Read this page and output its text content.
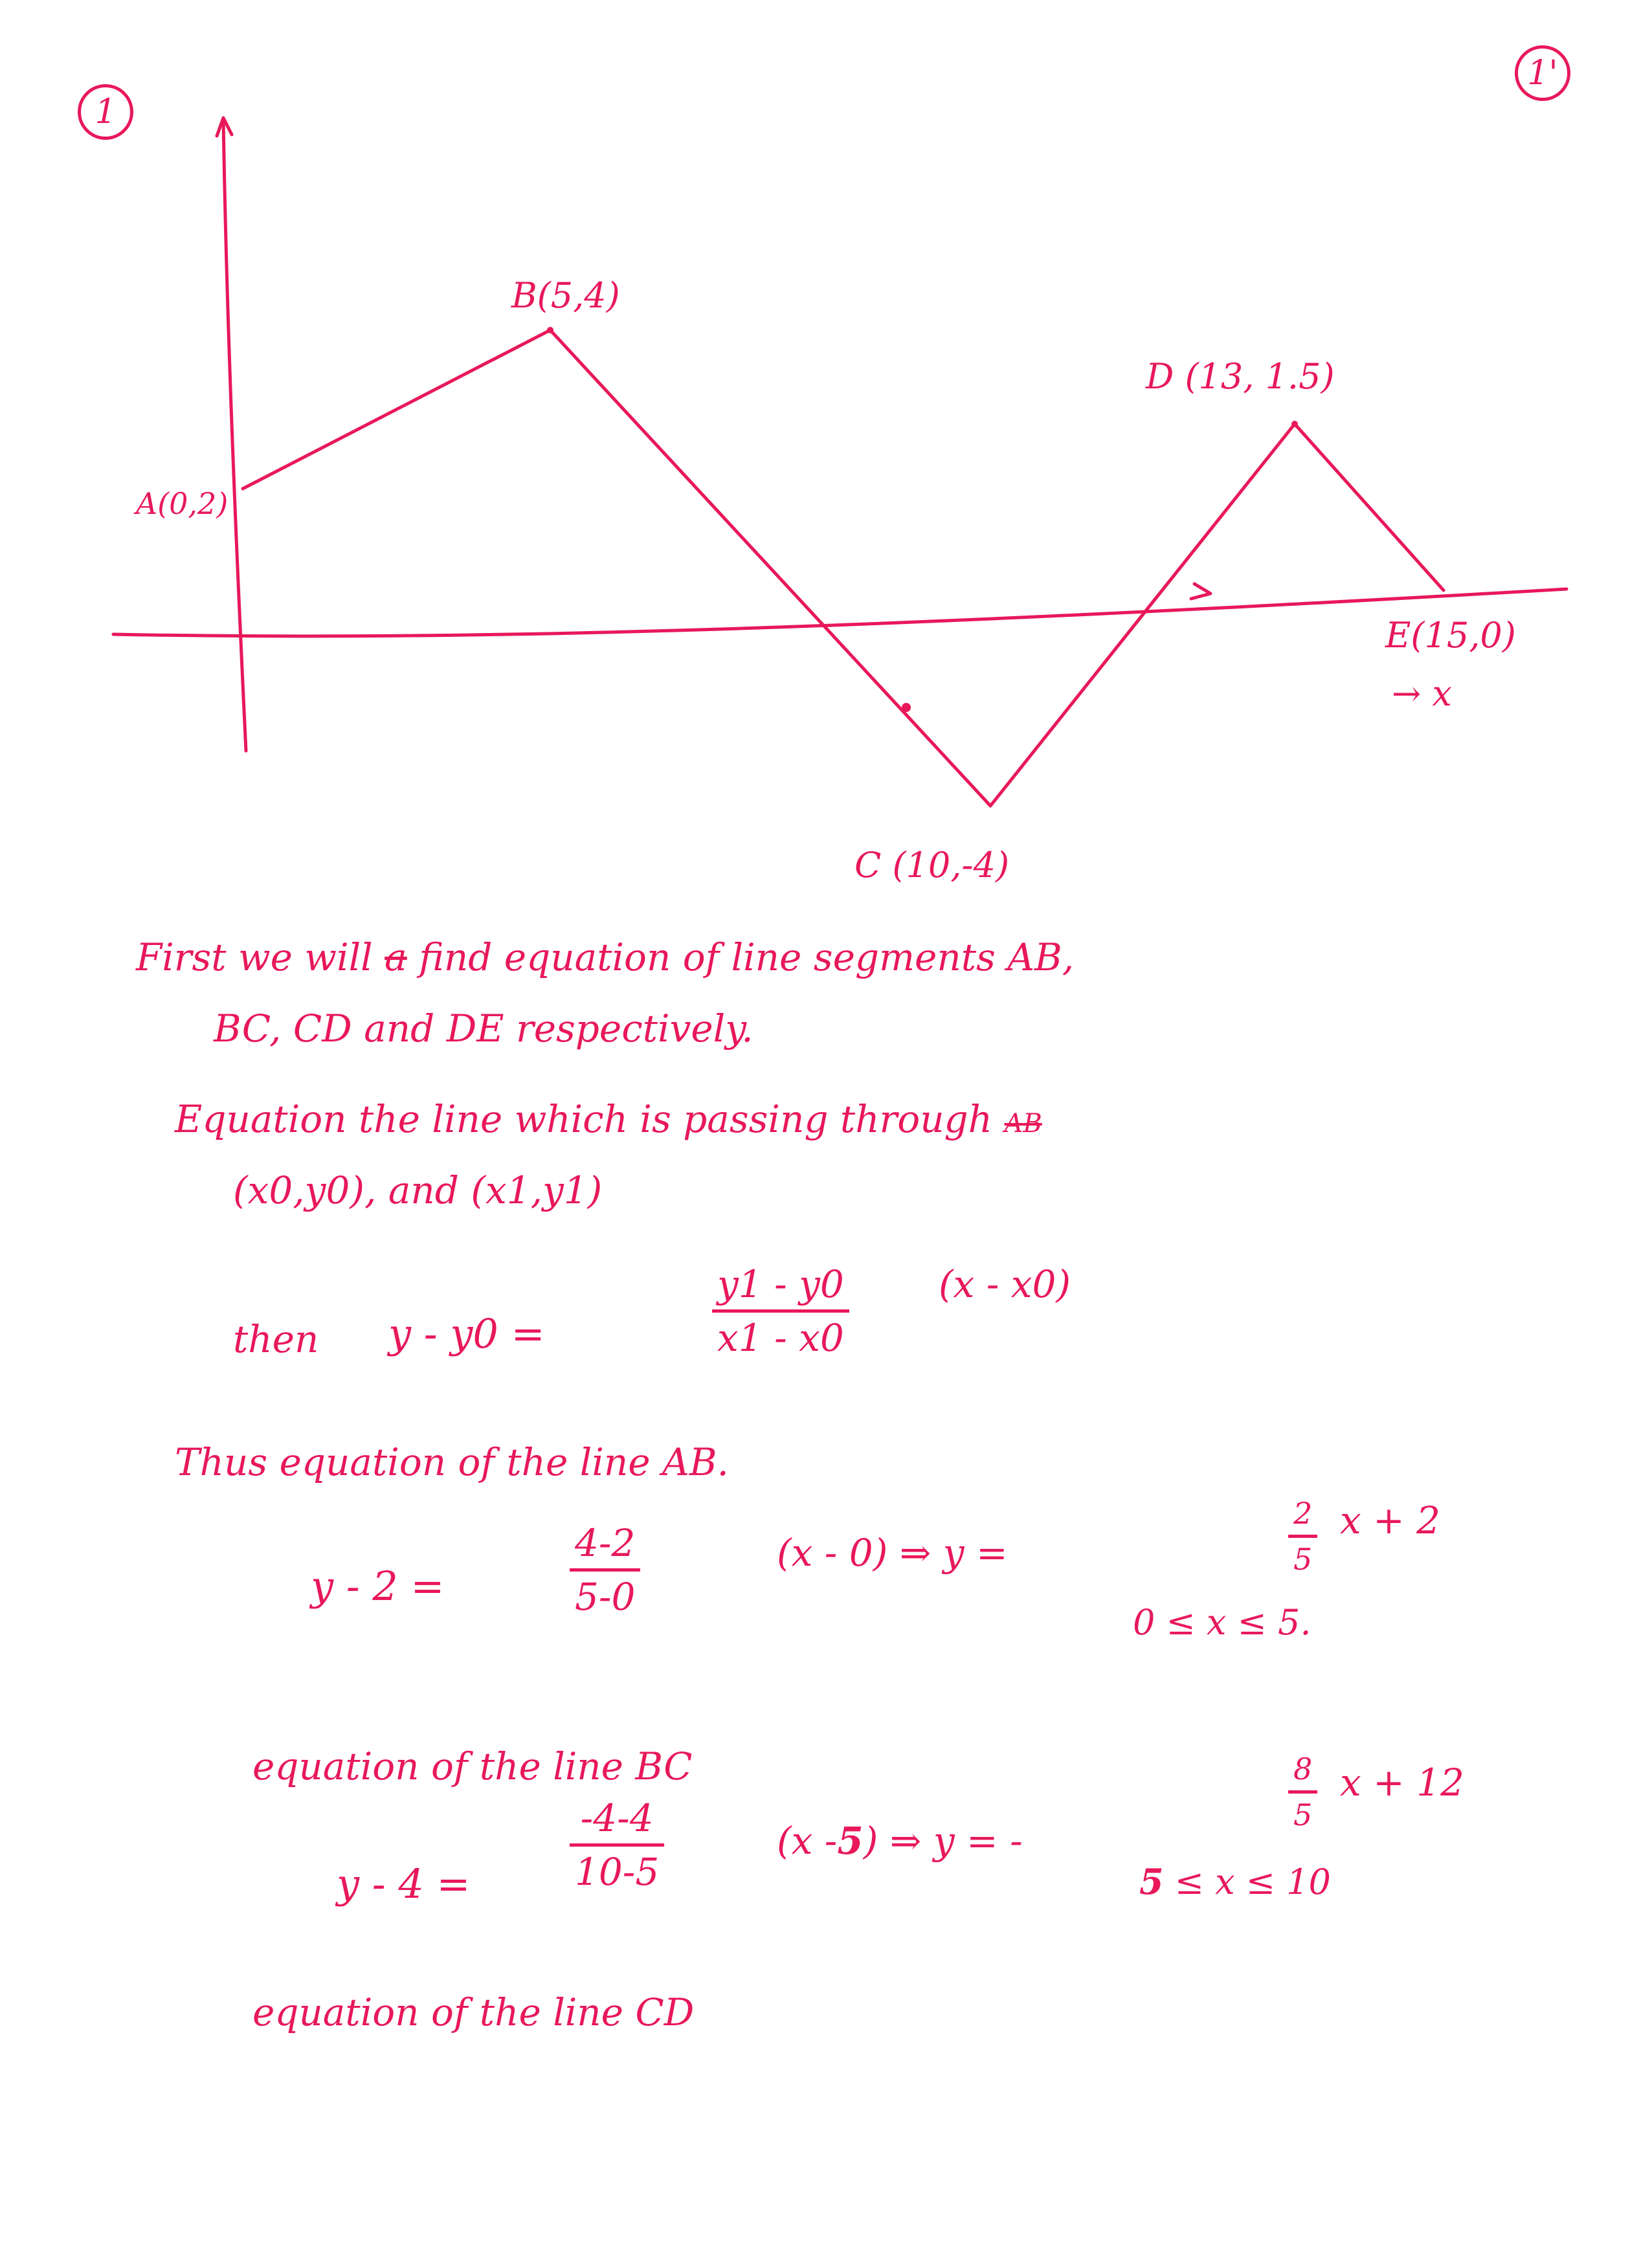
1
1'
A(0,2)
B(5,4)
C (10,-4)
D (13, 1.5)
E(15,0)
→ x
First we will a find equation of line segments AB,
BC, CD and DE respectively.
Equation the line which is passing through AB
(x0,y0), and (x1,y1)
then y - y0 =
y1 - y0
x1 - x0
(x - x0)
Thus equation of the line AB.
y - 2 =
4-2
5-0
(x - 0) ⇒ y =
2
5
x + 2
0 ≤ x ≤ 5.
equation of the line BC
y - 4 =
-4-4
10-5
(x -5) ⇒ y = -
8
5
x + 12
5 ≤ x ≤ 10
equation of the line CD
